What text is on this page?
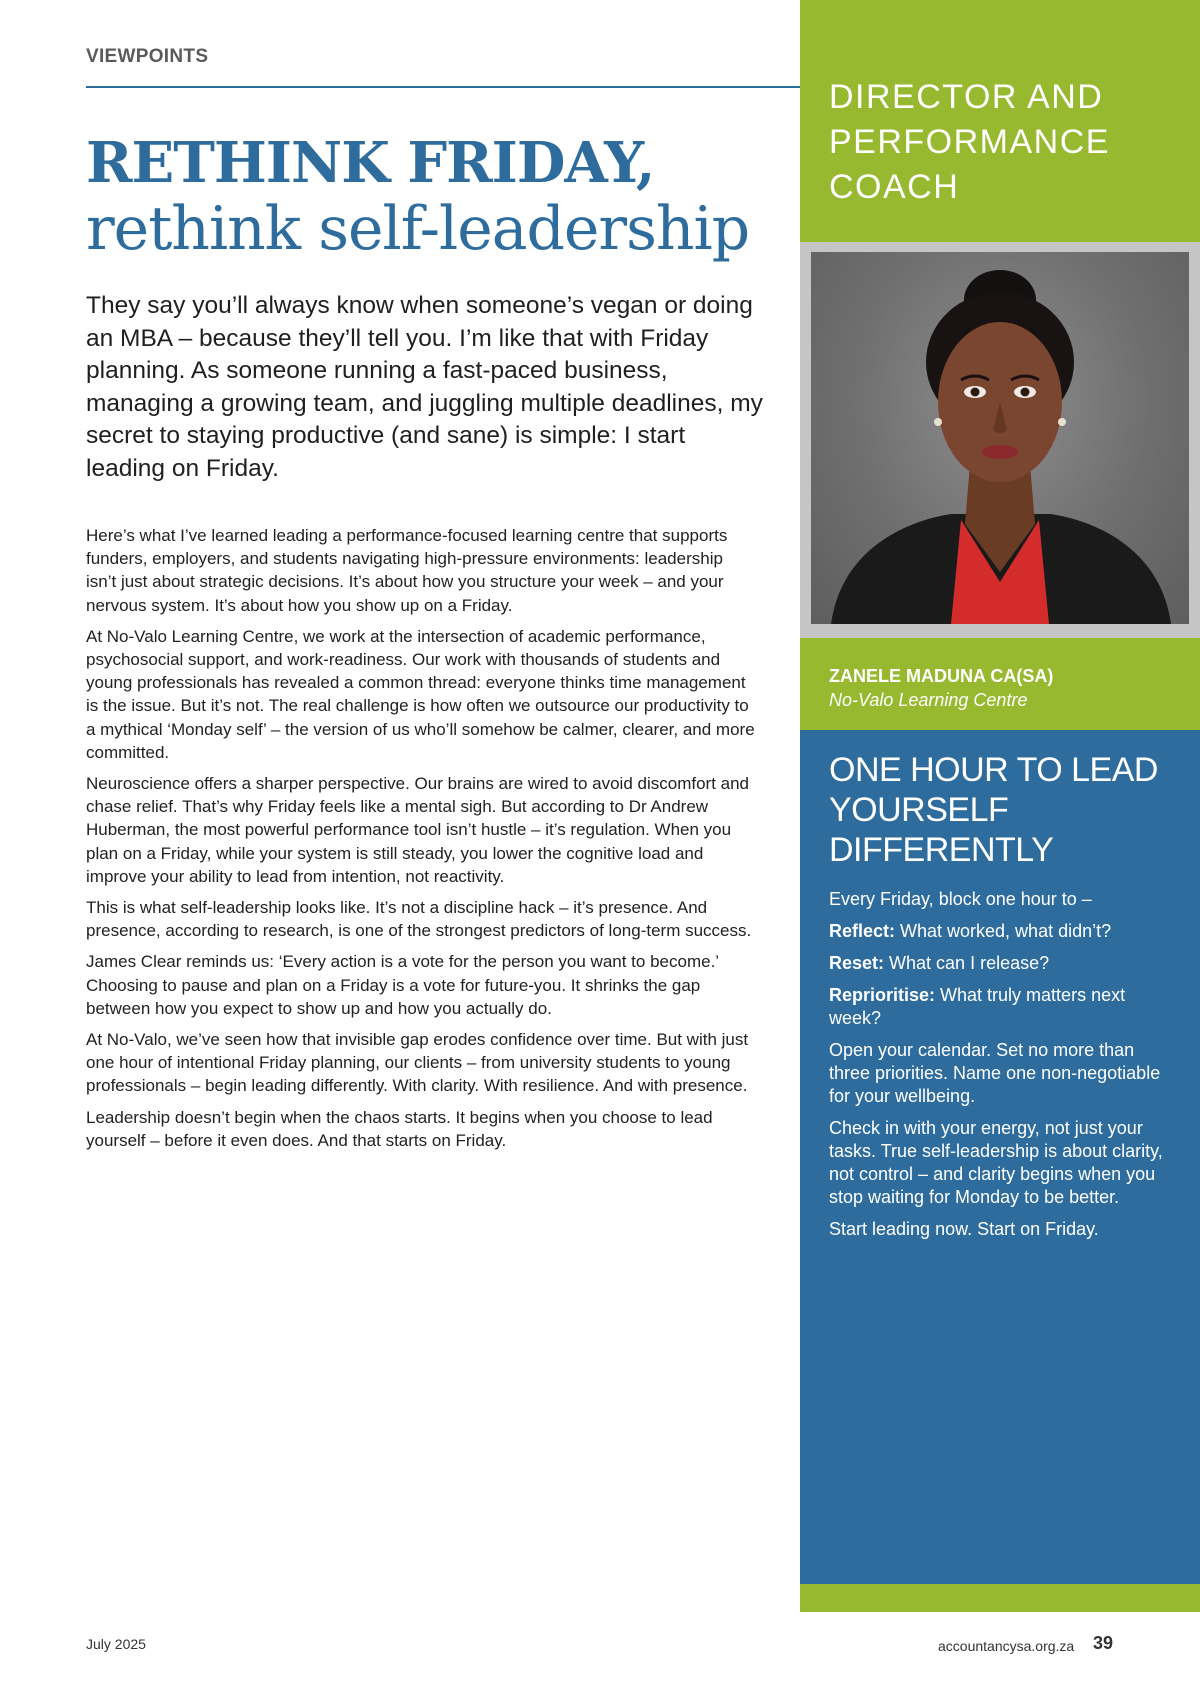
VIEWPOINTS
RETHINK FRIDAY,
rethink self-leadership

They say you’ll always know when someone’s vegan or doing an MBA – because they’ll tell you. I’m like that with Friday planning. As someone running a fast-paced business, managing a growing team, and juggling multiple deadlines, my secret to staying productive (and sane) is simple: I start leading on Friday.

Here’s what I’ve learned leading a performance-focused learning centre that supports funders, employers, and students navigating high-pressure environments: leadership isn’t just about strategic decisions. It’s about how you structure your week – and your nervous system. It’s about how you show up on a Friday.

At No-Valo Learning Centre, we work at the intersection of academic performance, psychosocial support, and work-readiness. Our work with thousands of students and young professionals has revealed a common thread: everyone thinks time management is the issue. But it’s not. The real challenge is how often we outsource our productivity to a mythical ‘Monday self’ – the version of us who’ll somehow be calmer, clearer, and more committed.

Neuroscience offers a sharper perspective. Our brains are wired to avoid discomfort and chase relief. That’s why Friday feels like a mental sigh. But according to Dr Andrew Huberman, the most powerful performance tool isn’t hustle – it’s regulation. When you plan on a Friday, while your system is still steady, you lower the cognitive load and improve your ability to lead from intention, not reactivity.

This is what self-leadership looks like. It’s not a discipline hack – it’s presence. And presence, according to research, is one of the strongest predictors of long-term success.

James Clear reminds us: ‘Every action is a vote for the person you want to become.’ Choosing to pause and plan on a Friday is a vote for future-you. It shrinks the gap between how you expect to show up and how you actually do.

At No-Valo, we’ve seen how that invisible gap erodes confidence over time. But with just one hour of intentional Friday planning, our clients – from university students to young professionals – begin leading differently. With clarity. With resilience. And with presence.

Leadership doesn’t begin when the chaos starts. It begins when you choose to lead yourself – before it even does. And that starts on Friday.

DIRECTOR AND PERFORMANCE COACH
ZANELE MADUNA CA(SA)
No-Valo Learning Centre
ONE HOUR TO LEAD YOURSELF DIFFERENTLY

Every Friday, block one hour to –

Reflect: What worked, what didn’t?

Reset: What can I release?

Reprioritise: What truly matters next week?

Open your calendar. Set no more than three priorities. Name one non-negotiable for your wellbeing.

Check in with your energy, not just your tasks. True self-leadership is about clarity, not control – and clarity begins when you stop waiting for Monday to be better.

Start leading now. Start on Friday.

July 2025	accountancysa.org.za 39
